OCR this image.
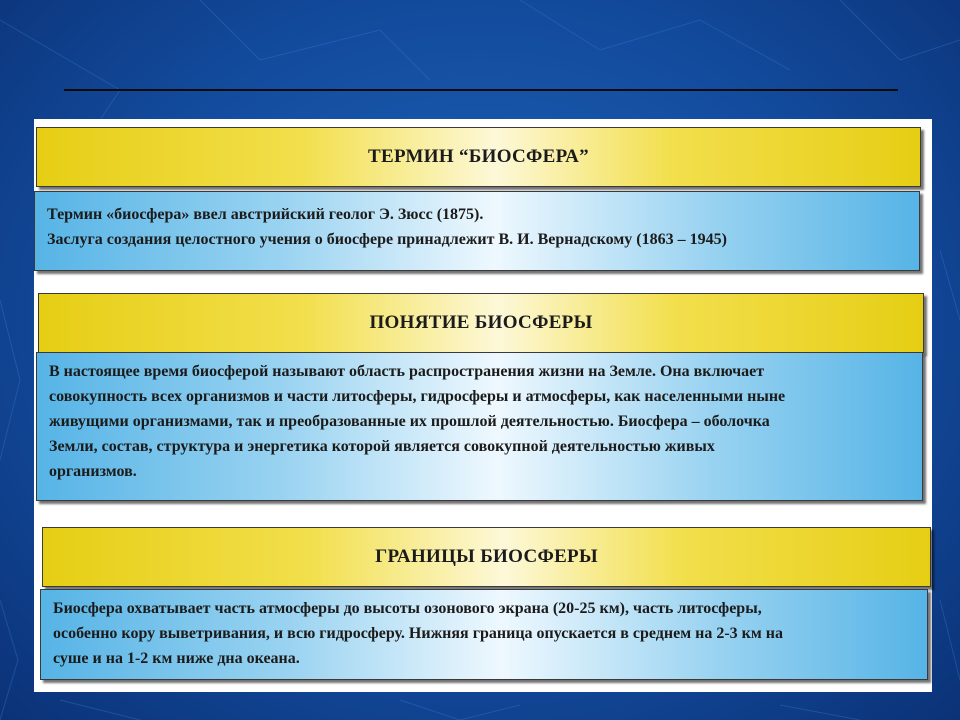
ТЕРМИН “БИОСФЕРА”
Термин «биосфера» ввел австрийский геолог Э. Зюсс (1875).
Заслуга создания целостного учения о биосфере принадлежит В. И. Вернадскому (1863 – 1945)
ПОНЯТИЕ БИОСФЕРЫ
В настоящее время биосферой называют область распространения жизни на Земле. Она включает
совокупность всех организмов и части литосферы, гидросферы и атмосферы, как населенными ныне
живущими организмами, так и преобразованные их прошлой деятельностью. Биосфера – оболочка
Земли, состав, структура и энергетика которой является совокупной деятельностью живых
организмов.
ГРАНИЦЫ БИОСФЕРЫ
Биосфера охватывает часть атмосферы до высоты озонового экрана (20-25 км), часть литосферы,
особенно кору выветривания, и всю гидросферу. Нижняя граница опускается в среднем на 2-3 км на
суше и на 1-2 км ниже дна океана.
